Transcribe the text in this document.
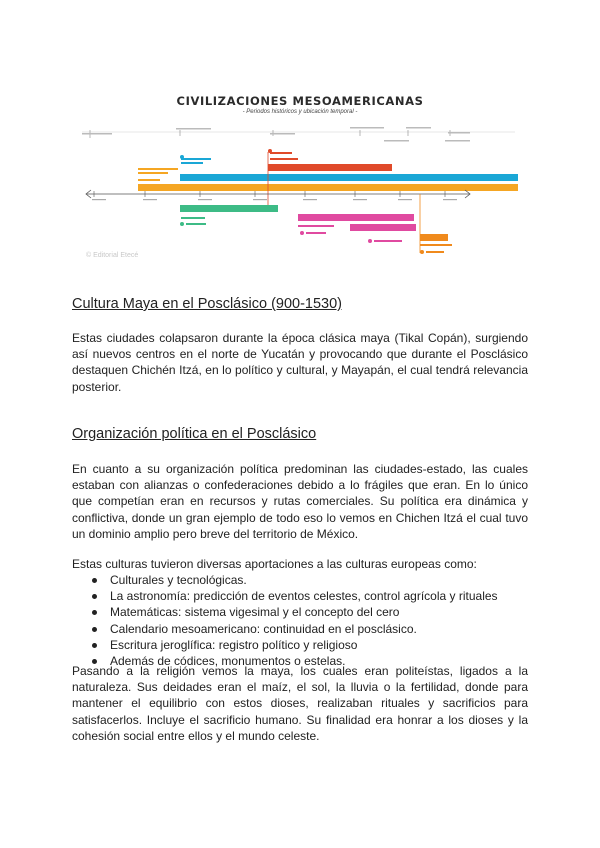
CIVILIZACIONES MESOAMERICANAS
- Periodos históricos y ubicación temporal -
© Editorial Etecé
Cultura Maya en el Posclásico (900-1530)

Estas ciudades colapsaron durante la época clásica maya (Tikal Copán), surgiendo así nuevos centros en el norte de Yucatán y provocando que durante el Posclásico destaquen Chichén Itzá, en lo político y cultural, y Mayapán, el cual tendrá relevancia posterior.

Organización política en el Posclásico

En cuanto a su organización política predominan las ciudades-estado, las cuales estaban con alianzas o confederaciones debido a lo frágiles que eran. En lo único que competían eran en recursos y rutas comerciales. Su política era dinámica y conflictiva, donde un gran ejemplo de todo eso lo vemos en Chichen Itzá el cual tuvo un dominio amplio pero breve del territorio de México.

Estas culturas tuvieron diversas aportaciones a las culturas europeas como:

Culturales y tecnológicas.
La astronomía: predicción de eventos celestes, control agrícola y rituales
Matemáticas: sistema vigesimal y el concepto del cero
Calendario mesoamericano: continuidad en el posclásico.
Escritura jeroglífica: registro político y religioso
Además de códices, monumentos o estelas.

Pasando a la religión vemos la maya, los cuales eran politeístas, ligados a la naturaleza. Sus deidades eran el maíz, el sol, la lluvia o la fertilidad, donde para mantener el equilibrio con estos dioses, realizaban rituales y sacrificios para satisfacerlos. Incluye el sacrificio humano. Su finalidad era honrar a los dioses y la cohesión social entre ellos y el mundo celeste.
